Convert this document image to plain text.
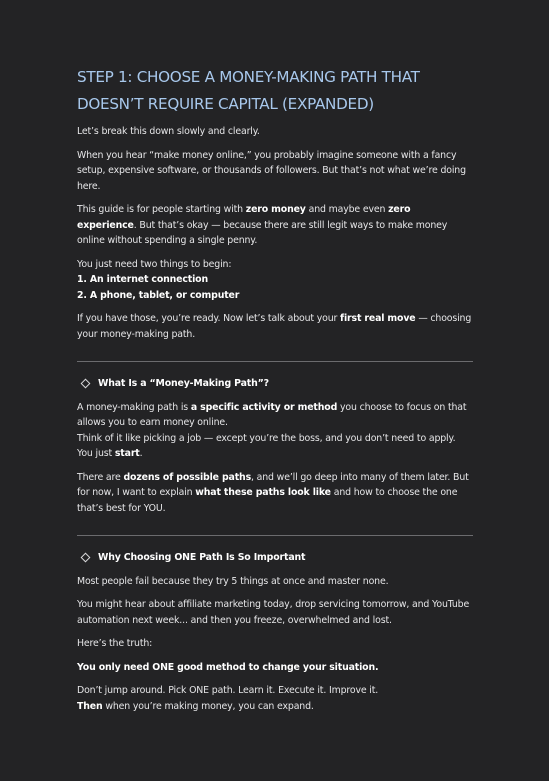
STEP 1: CHOOSE A MONEY-MAKING PATH THAT DOESN’T REQUIRE CAPITAL (EXPANDED)

Let’s break this down slowly and clearly.

When you hear “make money online,” you probably imagine someone with a fancy setup, expensive software, or thousands of followers. But that’s not what we’re doing here.

This guide is for people starting with zero money and maybe even zero experience. But that’s okay — because there are still legit ways to make money online without spending a single penny.

You just need two things to begin:

1. An internet connection

2. A phone, tablet, or computer

If you have those, you’re ready. Now let’s talk about your first real move — choosing your money-making path.

What Is a “Money-Making Path”?

A money-making path is a specific activity or method you choose to focus on that allows you to earn money online.

Think of it like picking a job — except you’re the boss, and you don’t need to apply. You just start.

There are dozens of possible paths, and we’ll go deep into many of them later. But for now, I want to explain what these paths look like and how to choose the one that’s best for YOU.

Why Choosing ONE Path Is So Important

Most people fail because they try 5 things at once and master none.

You might hear about affiliate marketing today, drop servicing tomorrow, and YouTube automation next week... and then you freeze, overwhelmed and lost.

Here’s the truth:

You only need ONE good method to change your situation.

Don’t jump around. Pick ONE path. Learn it. Execute it. Improve it.

Then when you’re making money, you can expand.
